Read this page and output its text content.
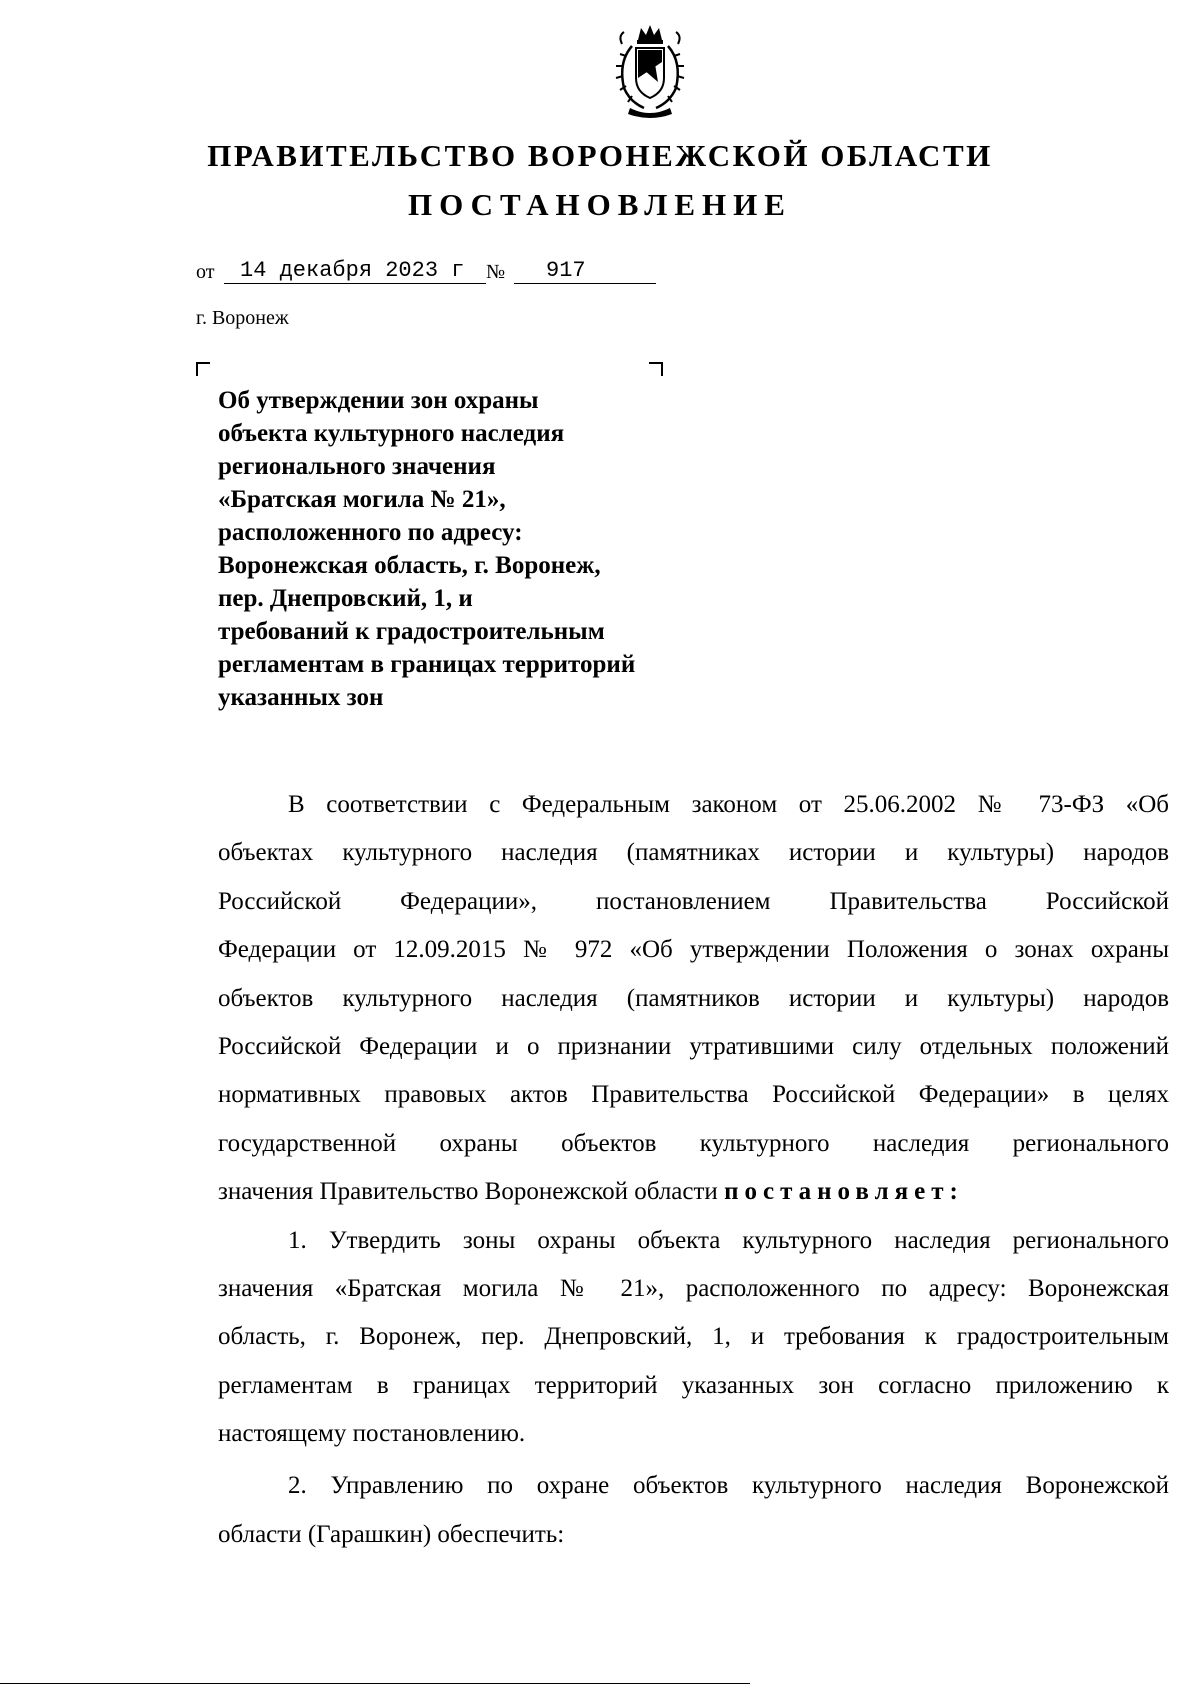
ПРАВИТЕЛЬСТВО ВОРОНЕЖСКОЙ ОБЛАСТИ
ПОСТАНОВЛЕНИЕ
от	14 декабря 2023 г	№	917
г. Воронеж
Об утверждении зон охраны
объекта культурного наследия
регионального значения
«Братская могила № 21»,
расположенного по адресу:
Воронежская область, г. Воронеж,
пер. Днепровский, 1, и
требований к градостроительным
регламентам в границах территорий
указанных зон
В соответствии с Федеральным законом от 25.06.2002 № 73-ФЗ «Об
объектах культурного наследия (памятниках истории и культуры) народов
Российской Федерации», постановлением Правительства Российской
Федерации от 12.09.2015 № 972 «Об утверждении Положения о зонах охраны
объектов культурного наследия (памятников истории и культуры) народов
Российской Федерации и о признании утратившими силу отдельных положений
нормативных правовых актов Правительства Российской Федерации» в целях
государственной охраны объектов культурного наследия регионального
значения Правительство Воронежской области постановляет:
1. Утвердить зоны охраны объекта культурного наследия регионального
значения «Братская могила № 21», расположенного по адресу: Воронежская
область, г. Воронеж, пер. Днепровский, 1, и требования к градостроительным
регламентам в границах территорий указанных зон согласно приложению к
настоящему постановлению.
2. Управлению по охране объектов культурного наследия Воронежской
области (Гарашкин) обеспечить:
